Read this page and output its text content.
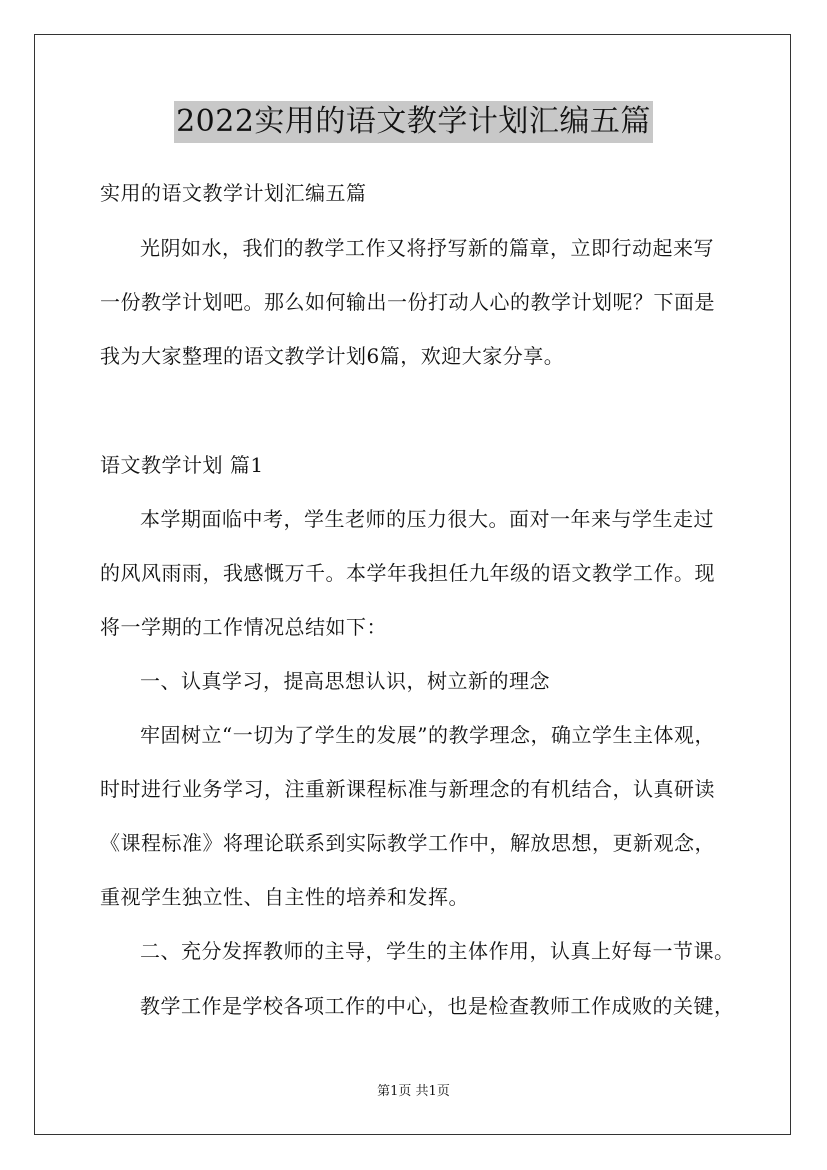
2022实用的语文教学计划汇编五篇
实用的语文教学计划汇编五篇
光阴如水，我们的教学工作又将抒写新的篇章，立即行动起来写
一份教学计划吧。那么如何输出一份打动人心的教学计划呢？下面是
我为大家整理的语文教学计划6篇，欢迎大家分享。
语文教学计划 篇1
本学期面临中考，学生老师的压力很大。面对一年来与学生走过
的风风雨雨，我感慨万千。本学年我担任九年级的语文教学工作。现
将一学期的工作情况总结如下：
一、认真学习，提高思想认识，树立新的理念
牢固树立“一切为了学生的发展”的教学理念，确立学生主体观，
时时进行业务学习，注重新课程标准与新理念的有机结合，认真研读
《课程标准》将理论联系到实际教学工作中，解放思想，更新观念，
重视学生独立性、自主性的培养和发挥。
二、充分发挥教师的主导，学生的主体作用，认真上好每一节课。
教学工作是学校各项工作的中心，也是检查教师工作成败的关键，
第1页 共1页
